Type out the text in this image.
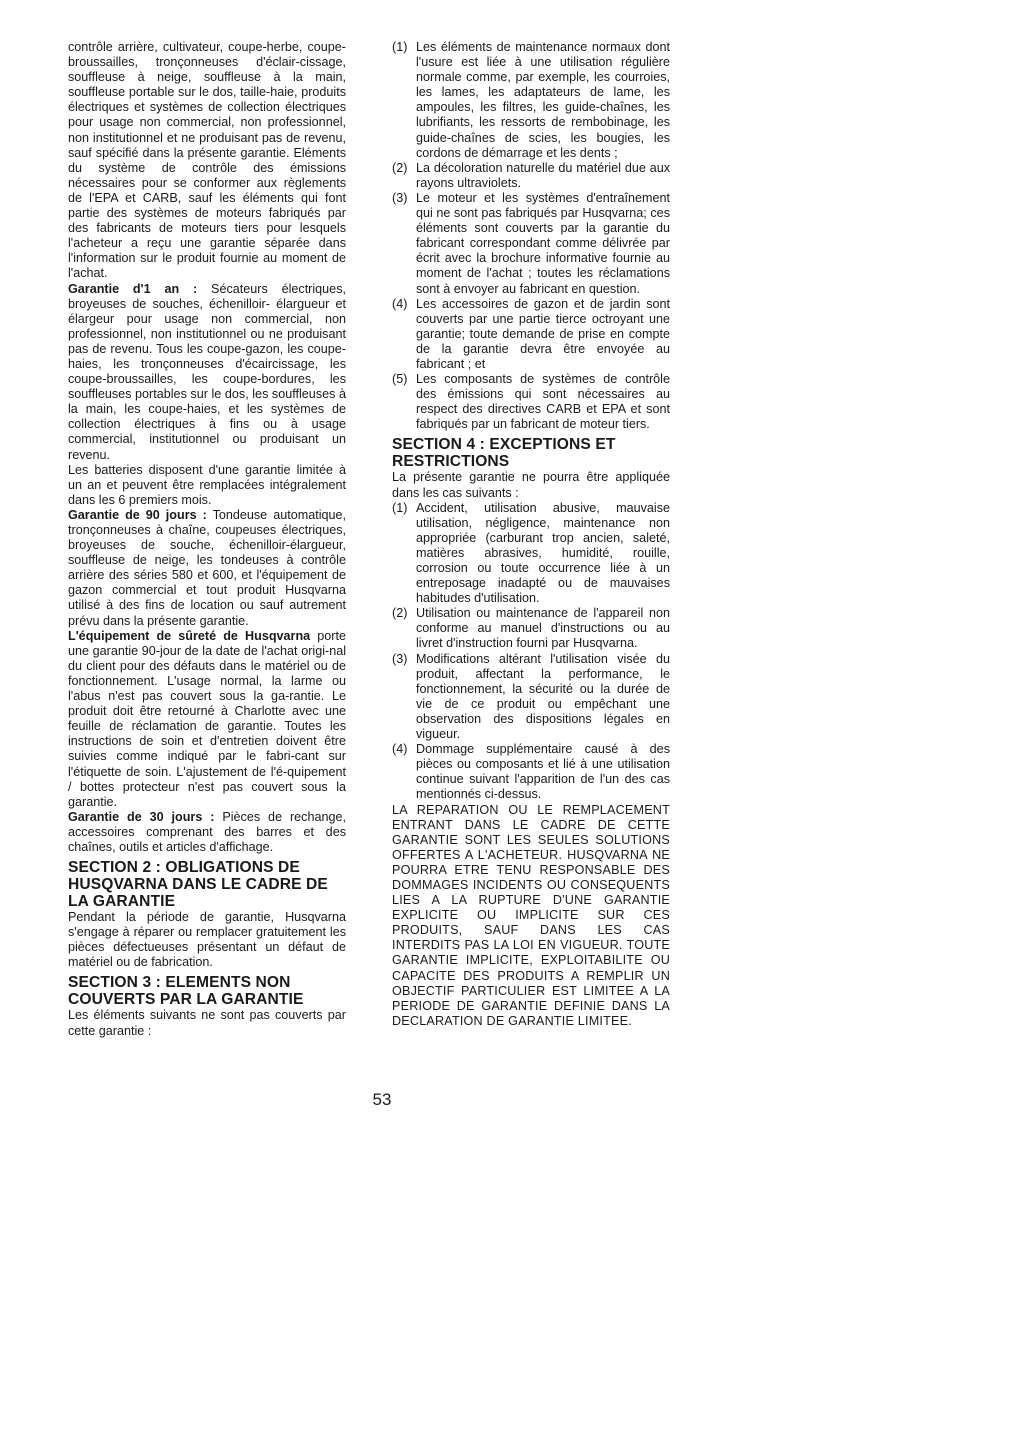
contrôle arrière, cultivateur, coupe-herbe, coupe-broussailles, tronçonneuses d'éclair-cissage, souffleuse à neige, souffleuse à la main, souffleuse portable sur le dos, taille-haie, produits électriques et systèmes de collection électriques pour usage non commercial, non professionnel, non institutionnel et ne produisant pas de revenu, sauf spécifié dans la présente garantie. Eléments du système de contrôle des émissions nécessaires pour se conformer aux règlements de l'EPA et CARB, sauf les éléments qui font partie des systèmes de moteurs fabriqués par des fabricants de moteurs tiers pour lesquels l'acheteur a reçu une garantie séparée dans l'information sur le produit fournie au moment de l'achat.

Garantie d'1 an : Sécateurs électriques, broyeuses de souches, échenilloir- élargueur et élargeur pour usage non commercial, non professionnel, non institutionnel ou ne produisant pas de revenu. Tous les coupe-gazon, les coupe-haies, les tronçonneuses d'écaircissage, les coupe-broussailles, les coupe-bordures, les souffleuses portables sur le dos, les souffleuses à la main, les coupe-haies, et les systèmes de collection électriques à fins ou à usage commercial, institutionnel ou produisant un revenu.

Les batteries disposent d'une garantie limitée à un an et peuvent être remplacées intégralement dans les 6 premiers mois.

Garantie de 90 jours : Tondeuse automatique, tronçonneuses à chaîne, coupeuses électriques, broyeuses de souche, échenilloir-élargueur, souffleuse de neige, les tondeuses à contrôle arrière des séries 580 et 600, et l'équipement de gazon commercial et tout produit Husqvarna utilisé à des fins de location ou sauf autrement prévu dans la présente garantie.

L'équipement de sûreté de Husqvarna porte une garantie 90-jour de la date de l'achat origi-nal du client pour des défauts dans le matériel ou de fonctionnement. L'usage normal, la larme ou l'abus n'est pas couvert sous la ga-rantie. Le produit doit être retourné à Charlotte avec une feuille de réclamation de garantie. Toutes les instructions de soin et d'entretien doivent être suivies comme indiqué par le fabri-cant sur l'étiquette de soin. L'ajustement de l'é-quipement / bottes protecteur n'est pas couvert sous la garantie.

Garantie de 30 jours : Pièces de rechange, accessoires comprenant des barres et des chaînes, outils et articles d'affichage.

SECTION 2 : OBLIGATIONS DE HUSQVARNA DANS LE CADRE DE LA GARANTIE

Pendant la période de garantie, Husqvarna s'engage à réparer ou remplacer gratuitement les pièces défectueuses présentant un défaut de matériel ou de fabrication.

SECTION 3 : ELEMENTS NON COUVERTS PAR LA GARANTIE

Les éléments suivants ne sont pas couverts par cette garantie :

(1) Les éléments de maintenance normaux dont l'usure est liée à une utilisation régulière normale comme, par exemple, les courroies, les lames, les adaptateurs de lame, les ampoules, les filtres, les guide-chaînes, les lubrifiants, les ressorts de rembobinage, les guide-chaînes de scies, les bougies, les cordons de démarrage et les dents ;
(2) La décoloration naturelle du matériel due aux rayons ultraviolets.
(3) Le moteur et les systèmes d'entraînement qui ne sont pas fabriqués par Husqvarna; ces éléments sont couverts par la garantie du fabricant correspondant comme délivrée par écrit avec la brochure informative fournie au moment de l'achat ; toutes les réclamations sont à envoyer au fabricant en question.
(4) Les accessoires de gazon et de jardin sont couverts par une partie tierce octroyant une garantie; toute demande de prise en compte de la garantie devra être envoyée au fabricant ; et
(5) Les composants de systèmes de contrôle des émissions qui sont nécessaires au respect des directives CARB et EPA et sont fabriqués par un fabricant de moteur tiers.
SECTION 4 : EXCEPTIONS ET RESTRICTIONS

La présente garantie ne pourra être appliquée dans les cas suivants :

(1) Accident, utilisation abusive, mauvaise utilisation, négligence, maintenance non appropriée (carburant trop ancien, saleté, matières abrasives, humidité, rouille, corrosion ou toute occurrence liée à un entreposage inadapté ou de mauvaises habitudes d'utilisation.
(2) Utilisation ou maintenance de l'appareil non conforme au manuel d'instructions ou au livret d'instruction fourni par Husqvarna.
(3) Modifications altérant l'utilisation visée du produit, affectant la performance, le fonctionnement, la sécurité ou la durée de vie de ce produit ou empêchant une observation des dispositions légales en vigueur.
(4) Dommage supplémentaire causé à des pièces ou composants et lié à une utilisation continue suivant l'apparition de l'un des cas mentionnés ci-dessus.

LA REPARATION OU LE REMPLACEMENT ENTRANT DANS LE CADRE DE CETTE GARANTIE SONT LES SEULES SOLUTIONS OFFERTES A L'ACHETEUR. HUSQVARNA NE POURRA ETRE TENU RESPONSABLE DES DOMMAGES INCIDENTS OU CONSEQUENTS LIES A LA RUPTURE D'UNE GARANTIE EXPLICITE OU IMPLICITE SUR CES PRODUITS, SAUF DANS LES CAS INTERDITS PAS LA LOI EN VIGUEUR. TOUTE GARANTIE IMPLICITE, EXPLOITABILITE OU CAPACITE DES PRODUITS A REMPLIR UN OBJECTIF PARTICULIER EST LIMITEE A LA PERIODE DE GARANTIE DEFINIE DANS LA DECLARATION DE GARANTIE LIMITEE.

53
